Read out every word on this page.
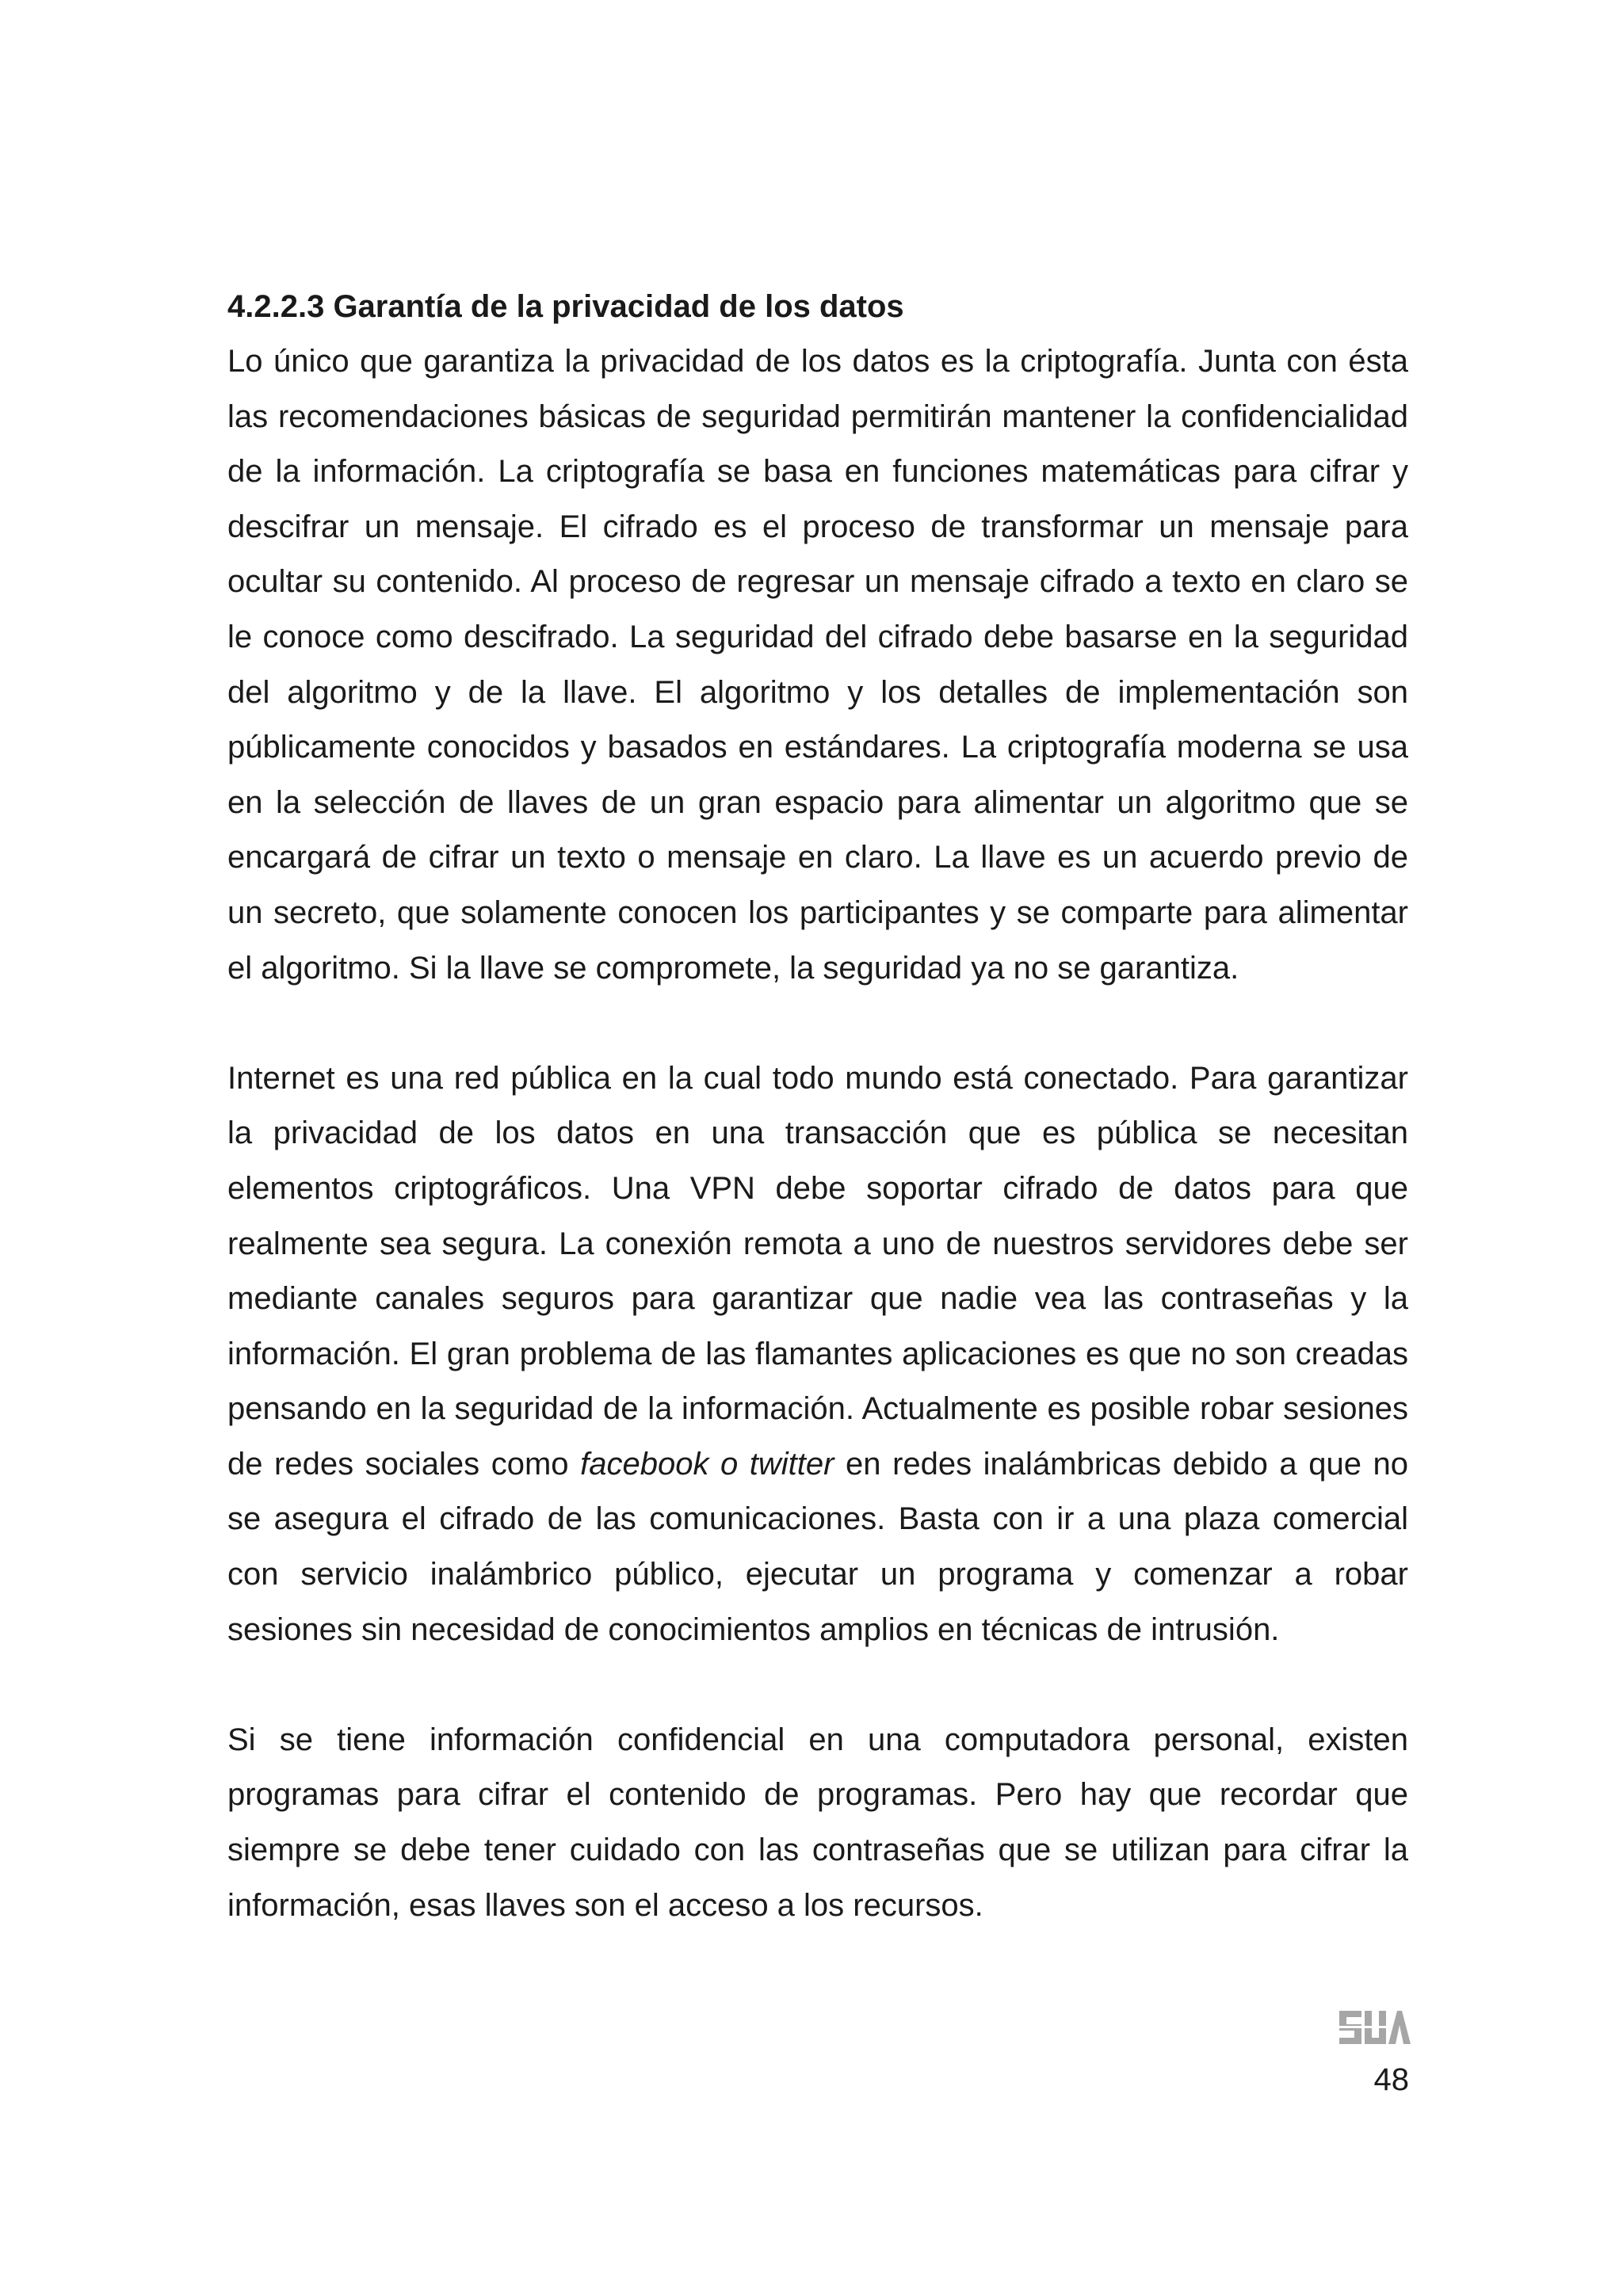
4.2.2.3 Garantía de la privacidad de los datos

Lo único que garantiza la privacidad de los datos es la criptografía. Junta con ésta las recomendaciones básicas de seguridad permitirán mantener la confidencialidad de la información. La criptografía se basa en funciones matemáticas para cifrar y descifrar un mensaje. El cifrado es el proceso de transformar un mensaje para ocultar su contenido. Al proceso de regresar un mensaje cifrado a texto en claro se le conoce como descifrado. La seguridad del cifrado debe basarse en la seguridad del algoritmo y de la llave. El algoritmo y los detalles de implementación son públicamente conocidos y basados en estándares. La criptografía moderna se usa en la selección de llaves de un gran espacio para alimentar un algoritmo que se encargará de cifrar un texto o mensaje en claro. La llave es un acuerdo previo de un secreto, que solamente conocen los participantes y se comparte para alimentar el algoritmo. Si la llave se compromete, la seguridad ya no se garantiza.

Internet es una red pública en la cual todo mundo está conectado. Para garantizar la privacidad de los datos en una transacción que es pública se necesitan elementos criptográficos. Una VPN debe soportar cifrado de datos para que realmente sea segura. La conexión remota a uno de nuestros servidores debe ser mediante canales seguros para garantizar que nadie vea las contraseñas y la información. El gran problema de las flamantes aplicaciones es que no son creadas pensando en la seguridad de la información. Actualmente es posible robar sesiones de redes sociales como facebook o twitter en redes inalámbricas debido a que no se asegura el cifrado de las comunicaciones. Basta con ir a una plaza comercial con servicio inalámbrico público, ejecutar un programa y comenzar a robar sesiones sin necesidad de conocimientos amplios en técnicas de intrusión.

Si se tiene información confidencial en una computadora personal, existen programas para cifrar el contenido de programas. Pero hay que recordar que siempre se debe tener cuidado con las contraseñas que se utilizan para cifrar la información, esas llaves son el acceso a los recursos.

48
